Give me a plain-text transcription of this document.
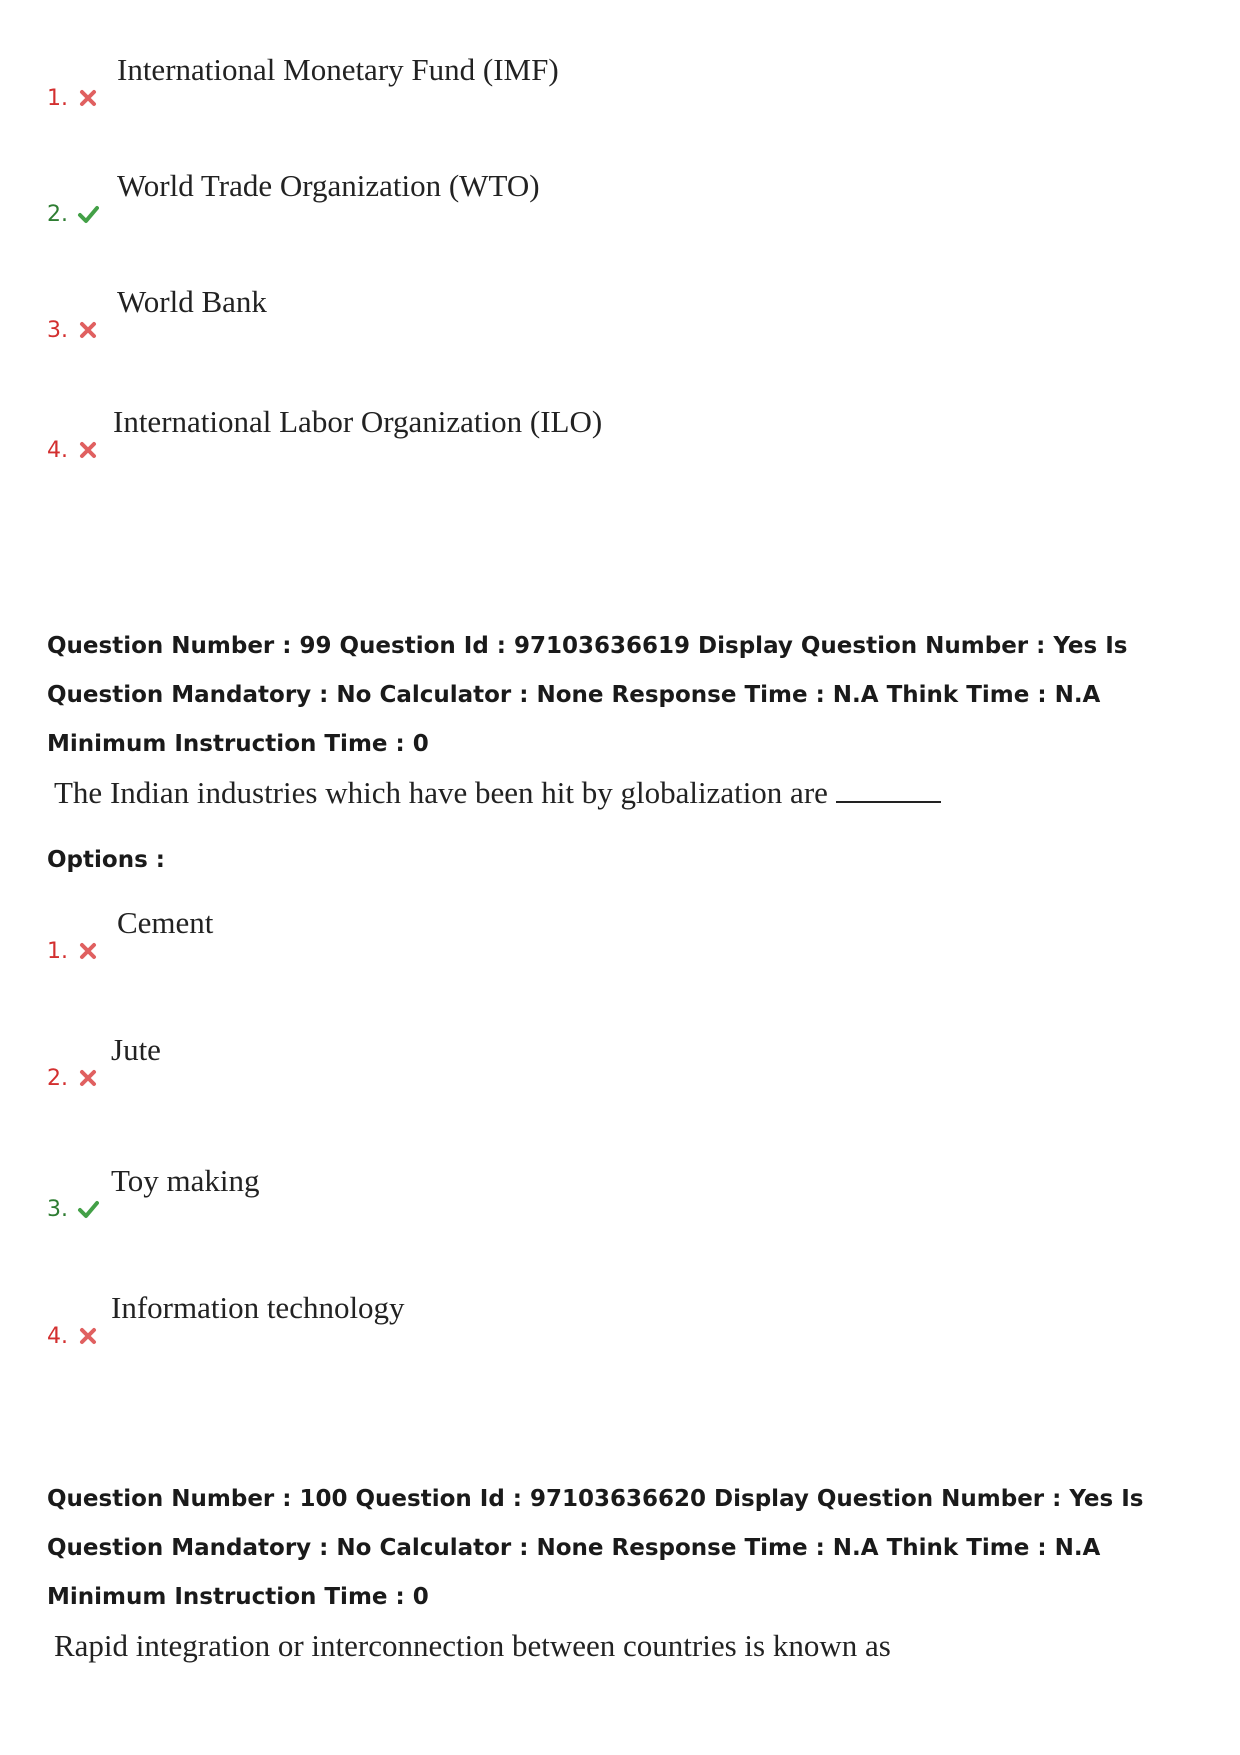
1.
International Monetary Fund (IMF)
2.
World Trade Organization (WTO)
3.
World Bank
4.
International Labor Organization (ILO)
Question Number : 99 Question Id : 97103636619 Display Question Number : Yes Is Question Mandatory : No Calculator : None Response Time : N.A Think Time : N.A Minimum Instruction Time : 0
The Indian industries which have been hit by globalization are
Options :
1.
Cement
2.
Jute
3.
Toy making
4.
Information technology
Question Number : 100 Question Id : 97103636620 Display Question Number : Yes Is Question Mandatory : No Calculator : None Response Time : N.A Think Time : N.A Minimum Instruction Time : 0
Rapid integration or interconnection between countries is known as
